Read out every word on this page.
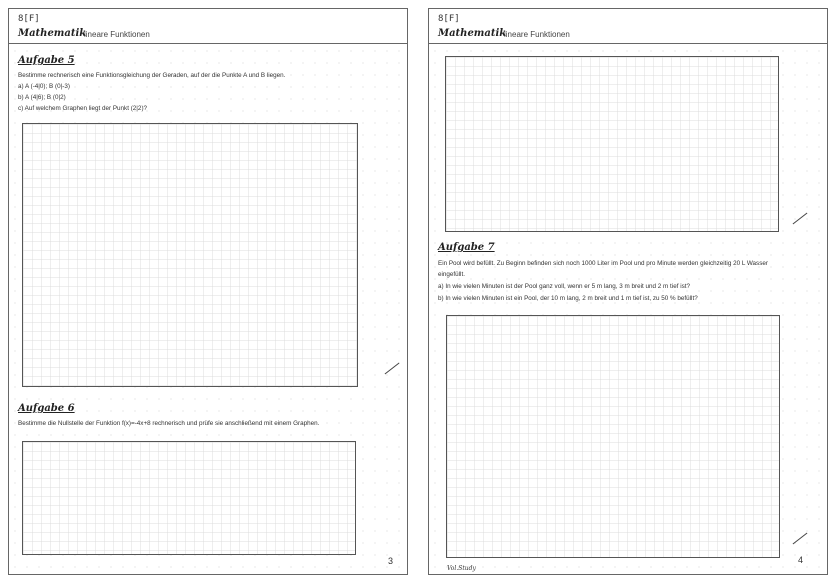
8[F]
Mathematik
lineare Funktionen
Aufgabe 5
Bestimme rechnerisch eine Funktionsgleichung der Geraden, auf der die Punkte A und B liegen.
a) A (-4|0); B (0|-3)
b) A (4|6); B (0|2)
c) Auf welchem Graphen liegt der Punkt (2|2)?
Aufgabe 6
Bestimme die Nullstelle der Funktion f(x)=-4x+8 rechnerisch und prüfe sie anschließend mit einem Graphen.
3
8[F]
Mathematik
lineare Funktionen
Aufgabe 7
Ein Pool wird befüllt. Zu Beginn befinden sich noch 1000 Liter im Pool und pro Minute werden gleichzeitig 20 L Wasser
eingefüllt.
a) In wie vielen Minuten ist der Pool ganz voll, wenn er 5 m lang, 3 m breit und 2 m tief ist?
b) In wie vielen Minuten ist ein Pool, der 10 m lang, 2 m breit und 1 m tief ist, zu 50 % befüllt?
Vol.Study
4
